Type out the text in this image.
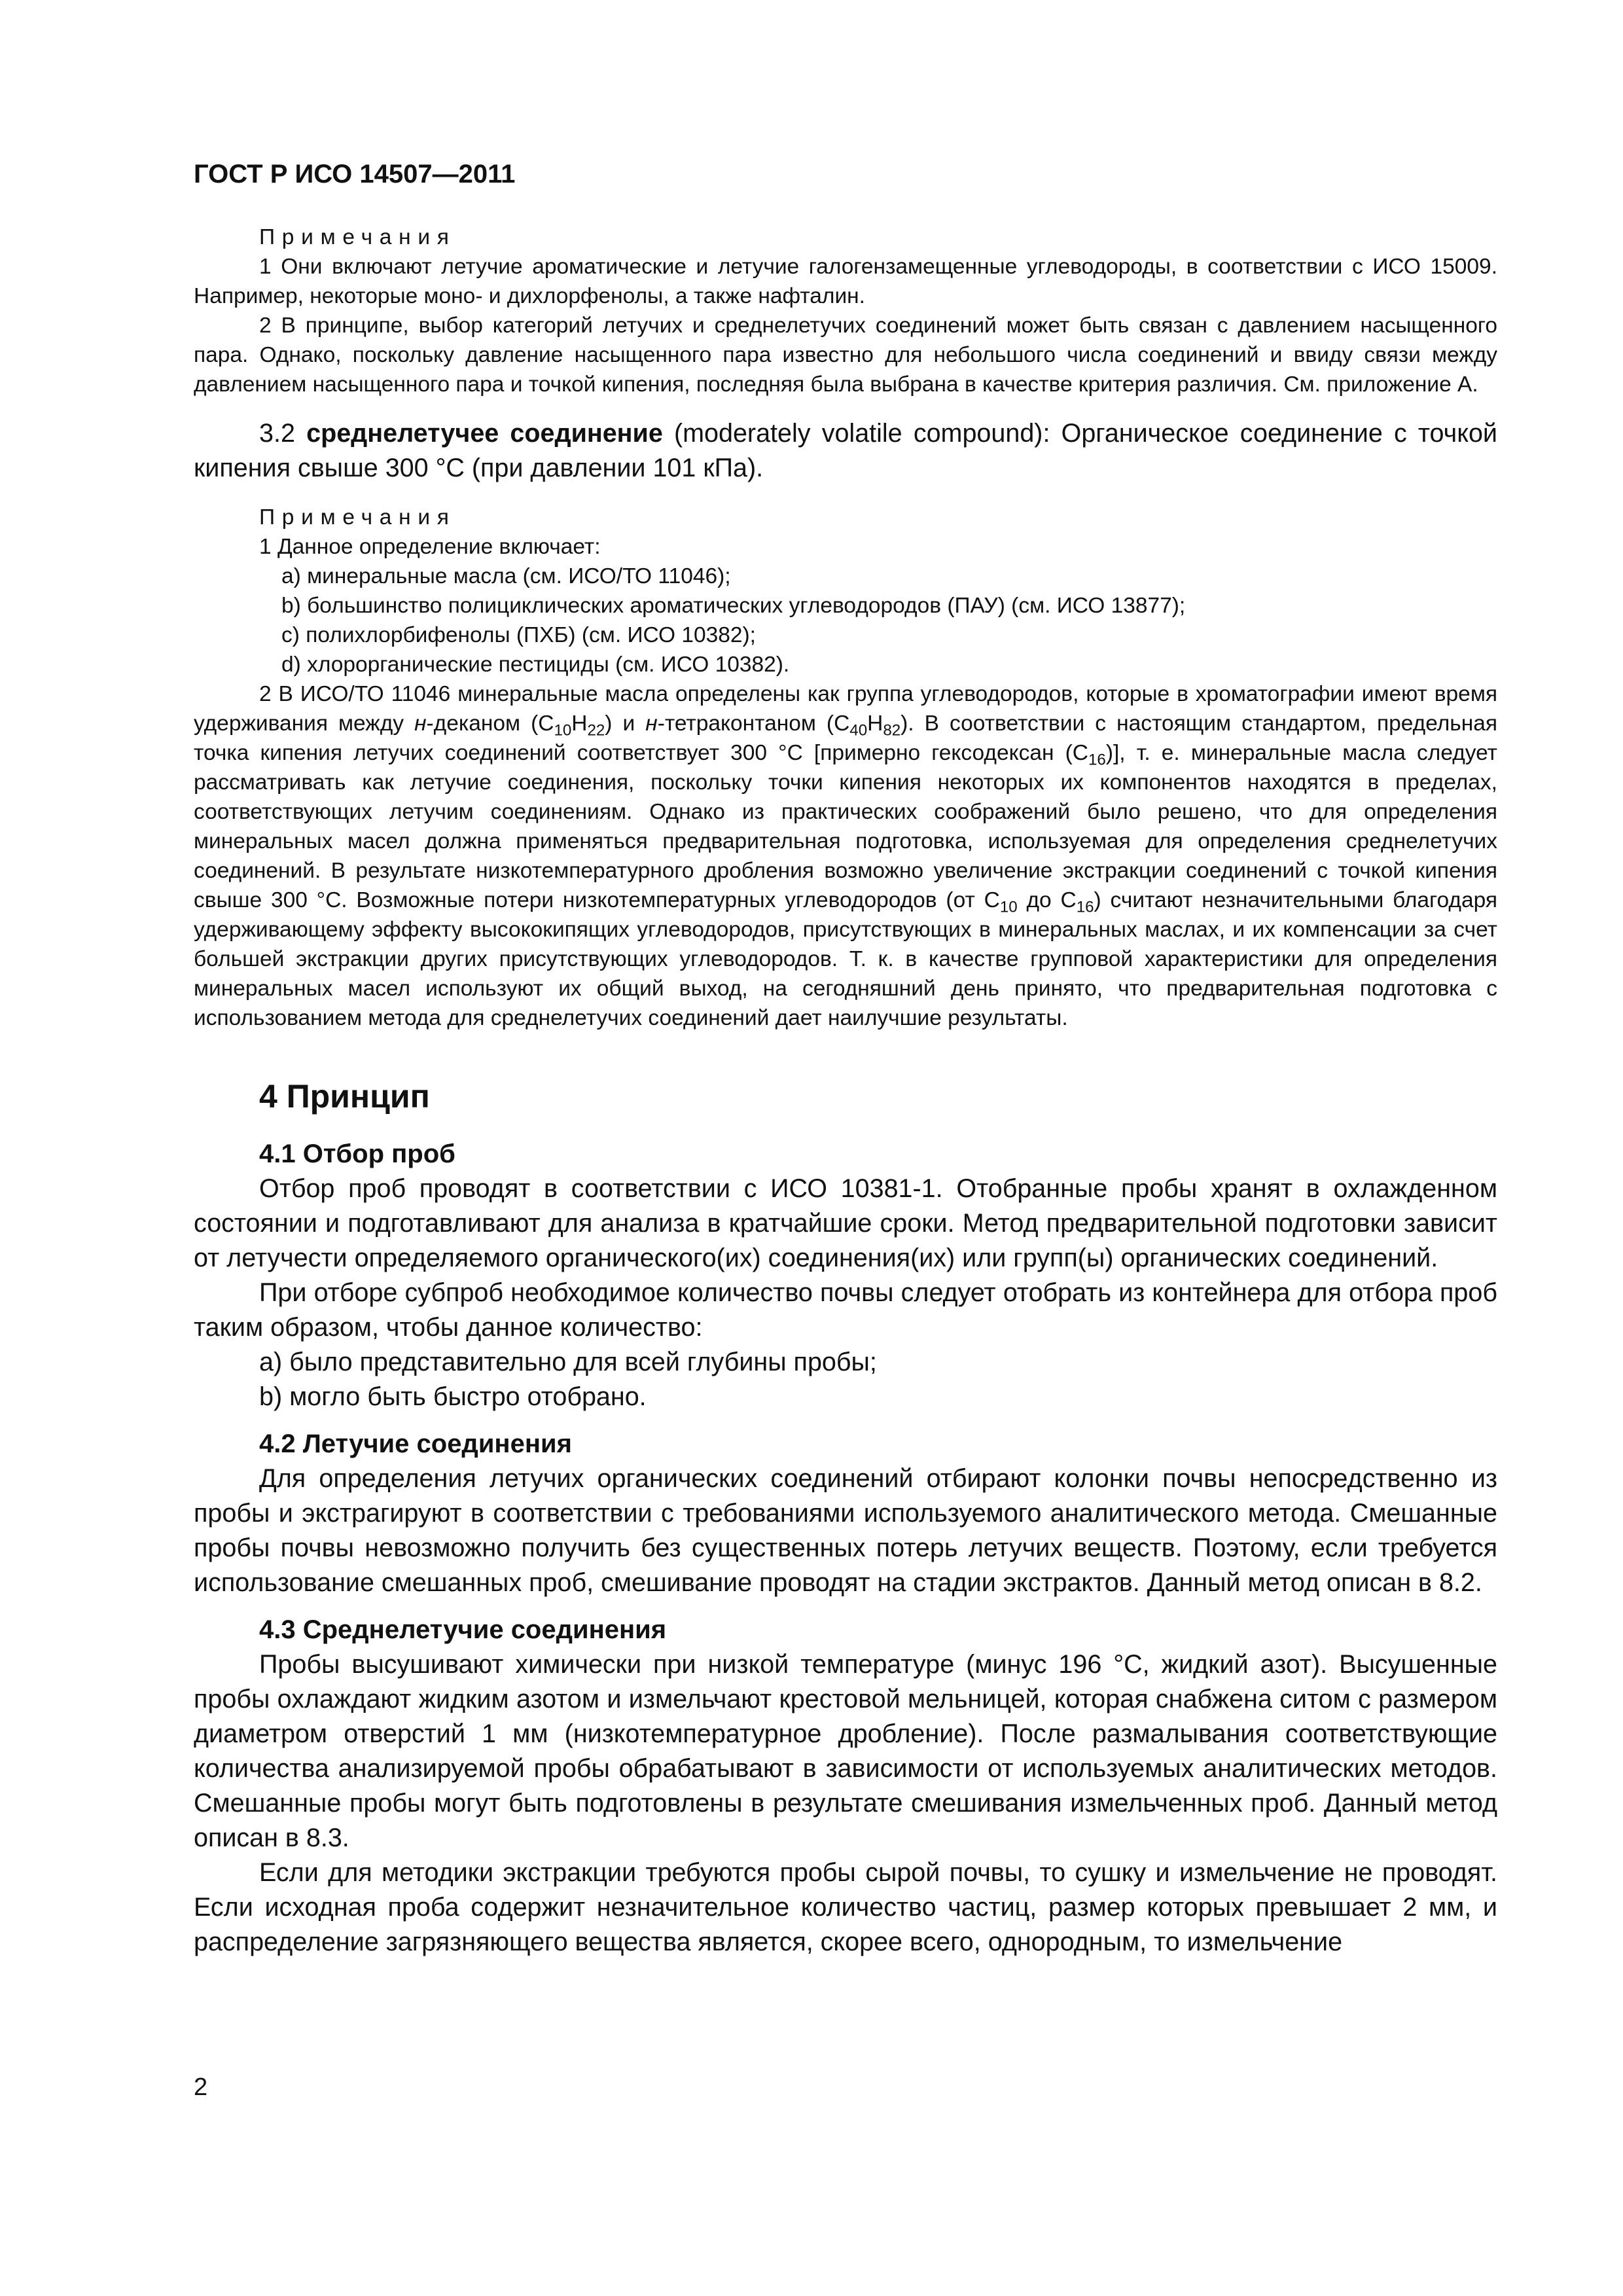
ГОСТ Р ИСО 14507—2011

Примечания

1 Они включают летучие ароматические и летучие галогензамещенные углеводороды, в соответствии с ИСО 15009. Например, некоторые моно- и дихлорфенолы, а также нафталин.

2 В принципе, выбор категорий летучих и среднелетучих соединений может быть связан с давлением насыщенного пара. Однако, поскольку давление насыщенного пара известно для небольшого числа соединений и ввиду связи между давлением насыщенного пара и точкой кипения, последняя была выбрана в качестве критерия различия. См. приложение А.

3.2 среднелетучее соединение (moderately volatile compound): Органическое соединение с точкой кипения свыше 300 °C (при давлении 101 кПа).

Примечания

1 Данное определение включает:

a) минеральные масла (см. ИСО/ТО 11046);

b) большинство полициклических ароматических углеводородов (ПАУ) (см. ИСО 13877);

c) полихлорбифенолы (ПХБ) (см. ИСО 10382);

d) хлорорганические пестициды (см. ИСО 10382).

2 В ИСО/ТО 11046 минеральные масла определены как группа углеводородов, которые в хроматографии имеют время удерживания между н-деканом $(C_{10}H_{22})$ и н-тетраконтаном $(C_{40}H_{82})$. В соответствии с настоящим стандартом, предельная точка кипения летучих соединений соответствует 300 °C [примерно гексодексан $(C_{16})$], т. е. минеральные масла следует рассматривать как летучие соединения, поскольку точки кипения некоторых их компонентов находятся в пределах, соответствующих летучим соединениям. Однако из практических соображений было решено, что для определения минеральных масел должна применяться предварительная подготовка, используемая для определения среднелетучих соединений. В результате низкотемпературного дробления возможно увеличение экстракции соединений с точкой кипения свыше 300 °C. Возможные потери низкотемпературных углеводородов (от $C_{10}$ до $C_{16}$) считают незначительными благодаря удерживающему эффекту высококипящих углеводородов, присутствующих в минеральных маслах, и их компенсации за счет большей экстракции других присутствующих углеводородов. Т. к. в качестве групповой характеристики для определения минеральных масел используют их общий выход, на сегодняшний день принято, что предварительная подготовка с использованием метода для среднелетучих соединений дает наилучшие результаты.

4 Принцип
4.1 Отбор проб

Отбор проб проводят в соответствии с ИСО 10381-1. Отобранные пробы хранят в охлажденном состоянии и подготавливают для анализа в кратчайшие сроки. Метод предварительной подготовки зависит от летучести определяемого органического(их) соединения(их) или групп(ы) органических соединений.

При отборе субпроб необходимое количество почвы следует отобрать из контейнера для отбора проб таким образом, чтобы данное количество:

a) было представительно для всей глубины пробы;

b) могло быть быстро отобрано.

4.2 Летучие соединения

Для определения летучих органических соединений отбирают колонки почвы непосредственно из пробы и экстрагируют в соответствии с требованиями используемого аналитического метода. Смешанные пробы почвы невозможно получить без существенных потерь летучих веществ. Поэтому, если требуется использование смешанных проб, смешивание проводят на стадии экстрактов. Данный метод описан в 8.2.

4.3 Среднелетучие соединения

Пробы высушивают химически при низкой температуре (минус 196 °C, жидкий азот). Высушенные пробы охлаждают жидким азотом и измельчают крестовой мельницей, которая снабжена ситом с размером диаметром отверстий 1 мм (низкотемпературное дробление). После размалывания соответствующие количества анализируемой пробы обрабатывают в зависимости от используемых аналитических методов. Смешанные пробы могут быть подготовлены в результате смешивания измельченных проб. Данный метод описан в 8.3.

Если для методики экстракции требуются пробы сырой почвы, то сушку и измельчение не проводят. Если исходная проба содержит незначительное количество частиц, размер которых превышает 2 мм, и распределение загрязняющего вещества является, скорее всего, однородным, то измельчение

2
